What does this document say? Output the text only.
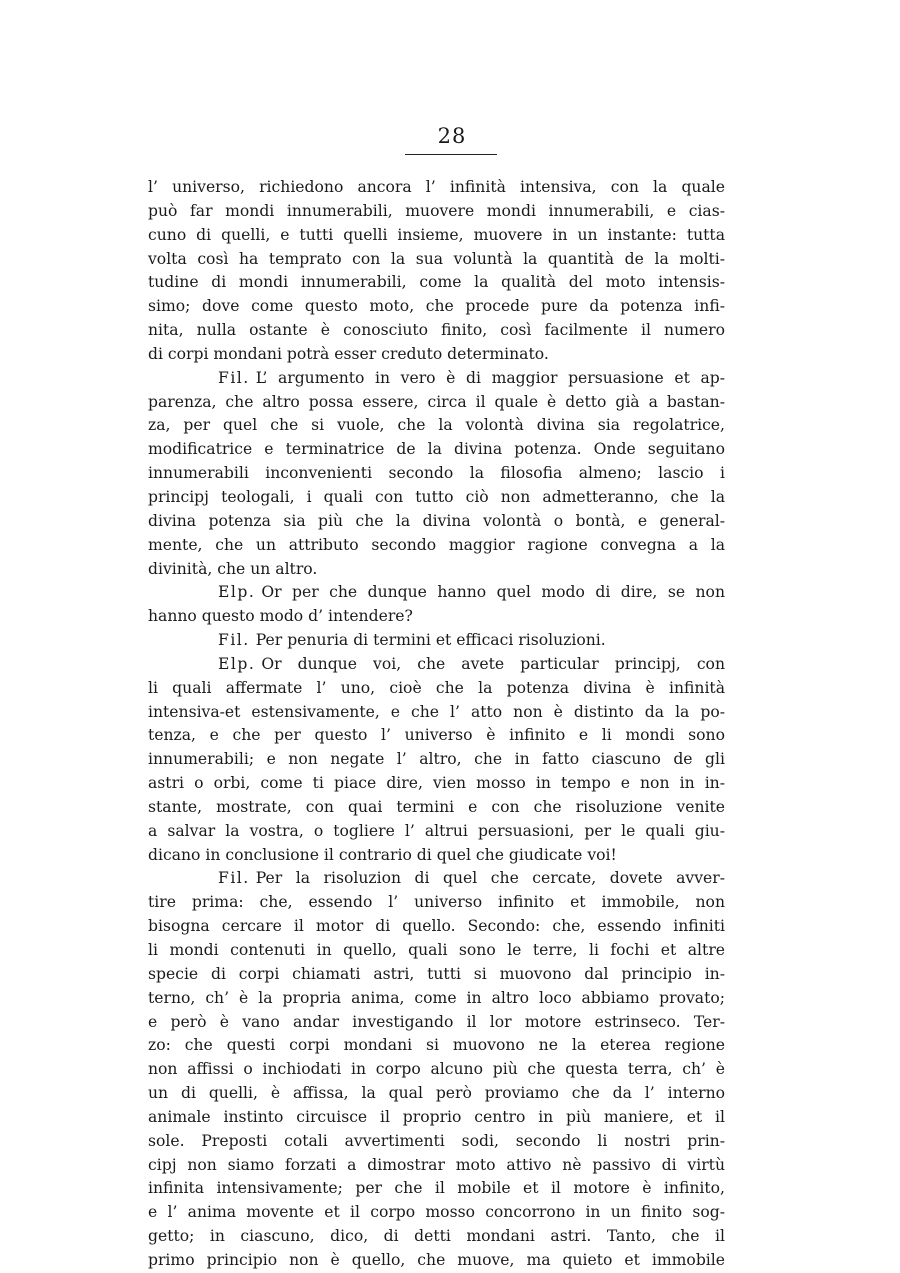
28
l’ universo, richiedono ancora l’ infinità intensiva, con la quale
può far mondi innumerabili, muovere mondi innumerabili, e cias-
cuno di quelli, e tutti quelli insieme, muovere in un instante: tutta
volta così ha temprato con la sua voluntà la quantità de la molti-
tudine di mondi innumerabili, come la qualità del moto intensis-
simo; dove come questo moto, che procede pure da potenza infi-
nita, nulla ostante è conosciuto finito, così facilmente il numero
di corpi mondani potrà esser creduto determinato.
Fil. L’ argumento in vero è di maggior persuasione et ap-
parenza, che altro possa essere, circa il quale è detto già a bastan-
za, per quel che si vuole, che la volontà divina sia regolatrice,
modificatrice e terminatrice de la divina potenza. Onde seguitano
innumerabili inconvenienti secondo la filosofia almeno; lascio i
principj teologali, i quali con tutto ciò non admetteranno, che la
divina potenza sia più che la divina volontà o bontà, e general-
mente, che un attributo secondo maggior ragione convegna a la
divinità, che un altro.
Elp. Or per che dunque hanno quel modo di dire, se non
hanno questo modo d’ intendere?
Fil. Per penuria di termini et efficaci risoluzioni.
Elp. Or dunque voi, che avete particular principj, con
li quali affermate l’ uno, cioè che la potenza divina è infinità
intensiva-et estensivamente, e che l’ atto non è distinto da la po-
tenza, e che per questo l’ universo è infinito e li mondi sono
innumerabili; e non negate l’ altro, che in fatto ciascuno de gli
astri o orbi, come ti piace dire, vien mosso in tempo e non in in-
stante, mostrate, con quai termini e con che risoluzione venite
a salvar la vostra, o togliere l’ altrui persuasioni, per le quali giu-
dicano in conclusione il contrario di quel che giudicate voi!
Fil. Per la risoluzion di quel che cercate, dovete avver-
tire prima: che, essendo l’ universo infinito et immobile, non
bisogna cercare il motor di quello. Secondo: che, essendo infiniti
li mondi contenuti in quello, quali sono le terre, li fochi et altre
specie di corpi chiamati astri, tutti si muovono dal principio in-
terno, ch’ è la propria anima, come in altro loco abbiamo provato;
e però è vano andar investigando il lor motore estrinseco. Ter-
zo: che questi corpi mondani si muovono ne la eterea regione
non affissi o inchiodati in corpo alcuno più che questa terra, ch’ è
un di quelli, è affissa, la qual però proviamo che da l’ interno
animale instinto circuisce il proprio centro in più maniere, et il
sole. Preposti cotali avvertimenti sodi, secondo li nostri prin-
cipj non siamo forzati a dimostrar moto attivo nè passivo di virtù
infinita intensivamente; per che il mobile et il motore è infinito,
e l’ anima movente et il corpo mosso concorrono in un finito sog-
getto; in ciascuno, dico, di detti mondani astri. Tanto, che il
primo principio non è quello, che muove, ma quieto et immobile
